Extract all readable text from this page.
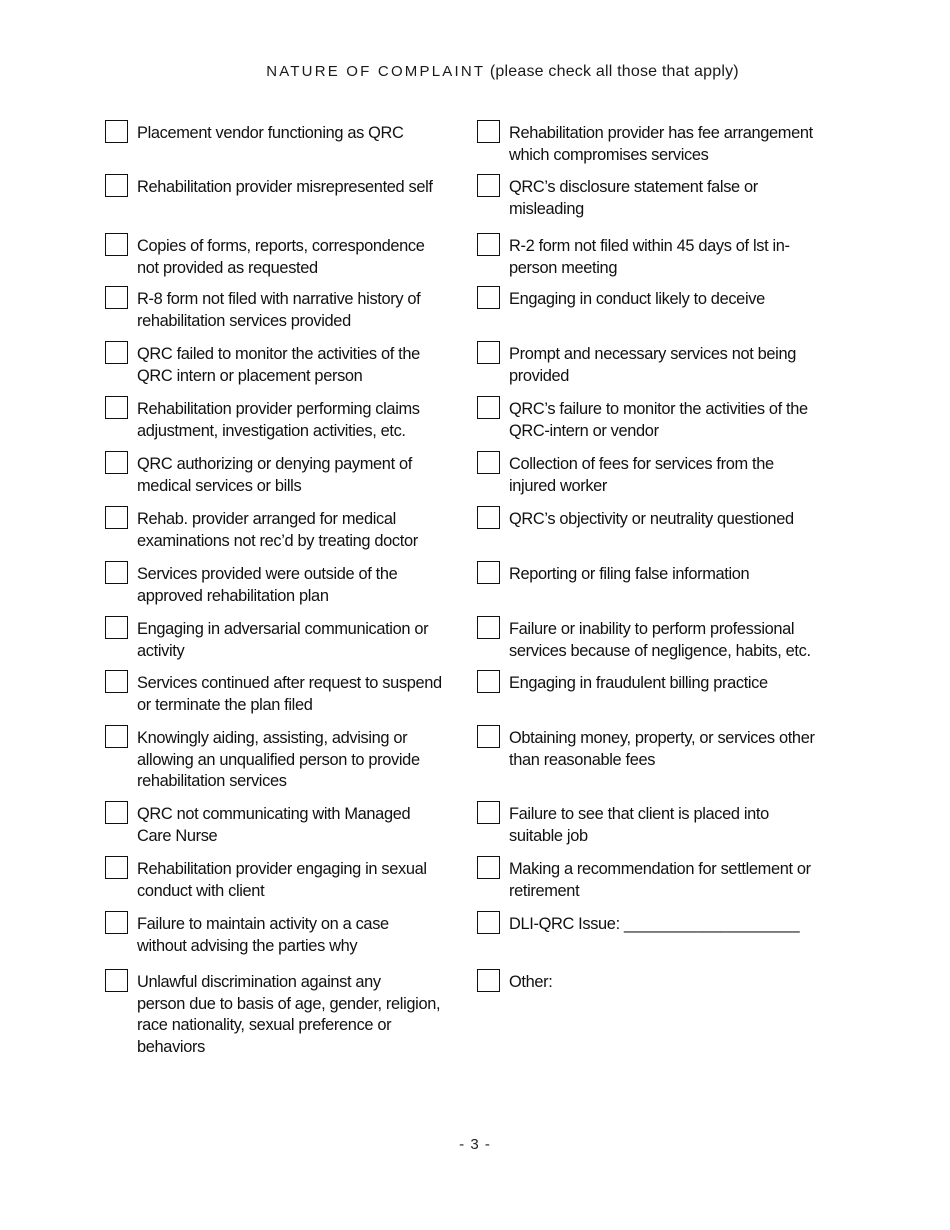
NATURE OF COMPLAINT (please check all those that apply)
Placement vendor functioning as QRC	Rehabilitation provider has fee arrangement
which compromises services
Rehabilitation provider misrepresented self	QRC’s disclosure statement false or
misleading
Copies of forms, reports, correspondence
not provided as requested
R-2 form not filed within 45 days of lst in-
person meeting
R-8 form not filed with narrative history of
rehabilitation services provided
Engaging in conduct likely to deceive
QRC failed to monitor the activities of the
QRC intern or placement person
Prompt and necessary services not being
provided
Rehabilitation provider performing claims
adjustment, investigation activities, etc.
QRC’s failure to monitor the activities of the
QRC-intern or vendor
QRC authorizing or denying payment of
medical services or bills
Collection of fees for services from the
injured worker
Rehab. provider arranged for medical
examinations not rec’d by treating doctor
QRC’s objectivity or neutrality questioned
Services provided were outside of the
approved rehabilitation plan
Reporting or filing false information
Engaging in adversarial communication or
activity
Failure or inability to perform professional
services because of negligence, habits, etc.
Services continued after request to suspend
or terminate the plan filed
Engaging in fraudulent billing practice
Knowingly aiding, assisting, advising or
allowing an unqualified person to provide
rehabilitation services
Obtaining money, property, or services other
than reasonable fees
QRC not communicating with Managed
Care Nurse
Failure to see that client is placed into
suitable job
Rehabilitation provider engaging in sexual
conduct with client
Making a recommendation for settlement or
retirement
Failure to maintain activity on a case
without advising the parties why
DLI-QRC Issue: ____________________
Unlawful discrimination against any
person due to basis of age, gender, religion,
race nationality, sexual preference or
behaviors
Other:
- 3 -
